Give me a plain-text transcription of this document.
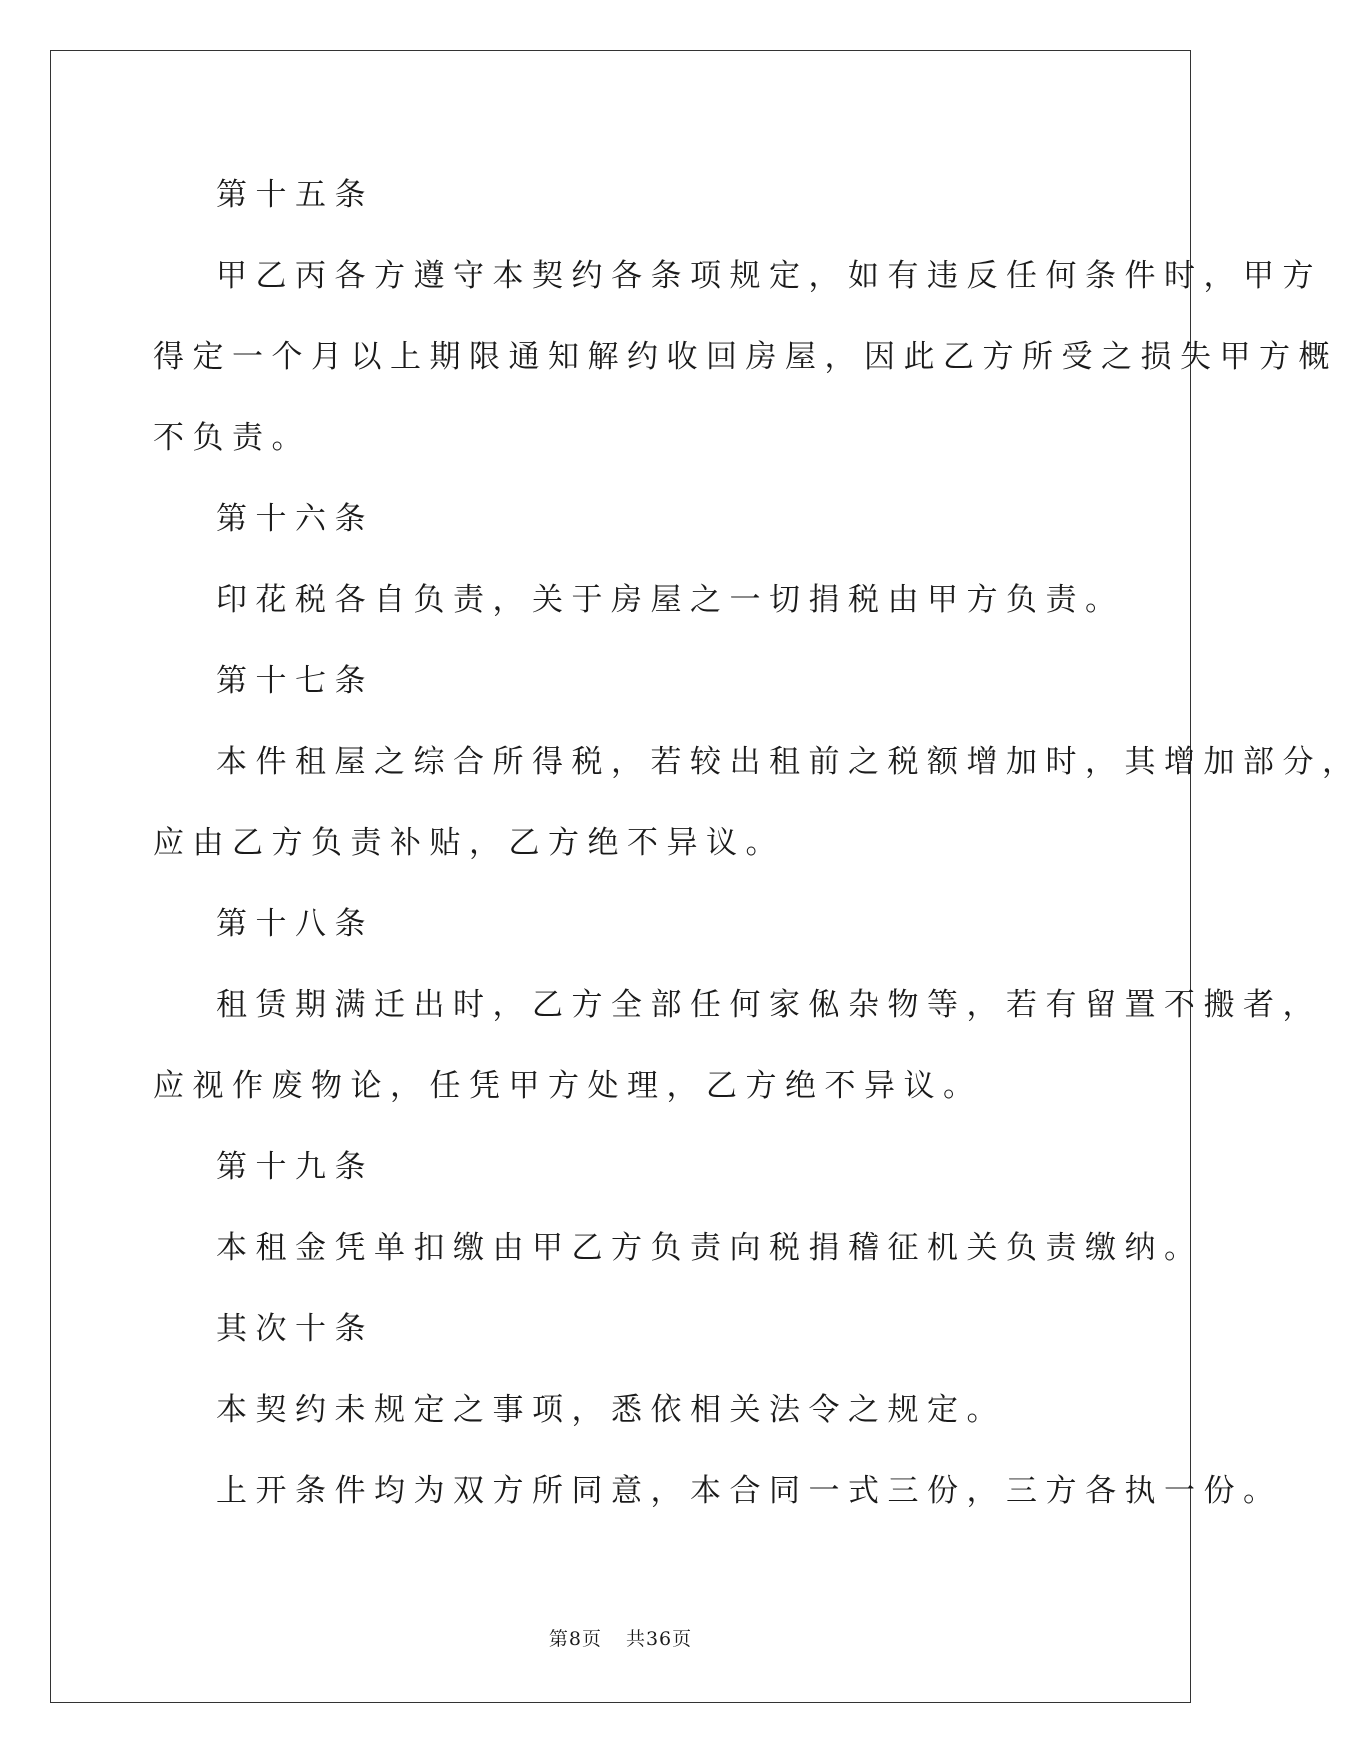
第十五条

甲乙丙各方遵守本契约各条项规定，如有违反任何条件时，甲方

得定一个月以上期限通知解约收回房屋，因此乙方所受之损失甲方概

不负责。

第十六条

印花税各自负责，关于房屋之一切捐税由甲方负责。

第十七条

本件租屋之综合所得税，若较出租前之税额增加时，其增加部分，

应由乙方负责补贴，乙方绝不异议。

第十八条

租赁期满迁出时，乙方全部任何家俬杂物等，若有留置不搬者，

应视作废物论，任凭甲方处理，乙方绝不异议。

第十九条

本租金凭单扣缴由甲乙方负责向税捐稽征机关负责缴纳。

其次十条

本契约未规定之事项，悉依相关法令之规定。

上开条件均为双方所同意，本合同一式三份，三方各执一份。

第8页 共36页
